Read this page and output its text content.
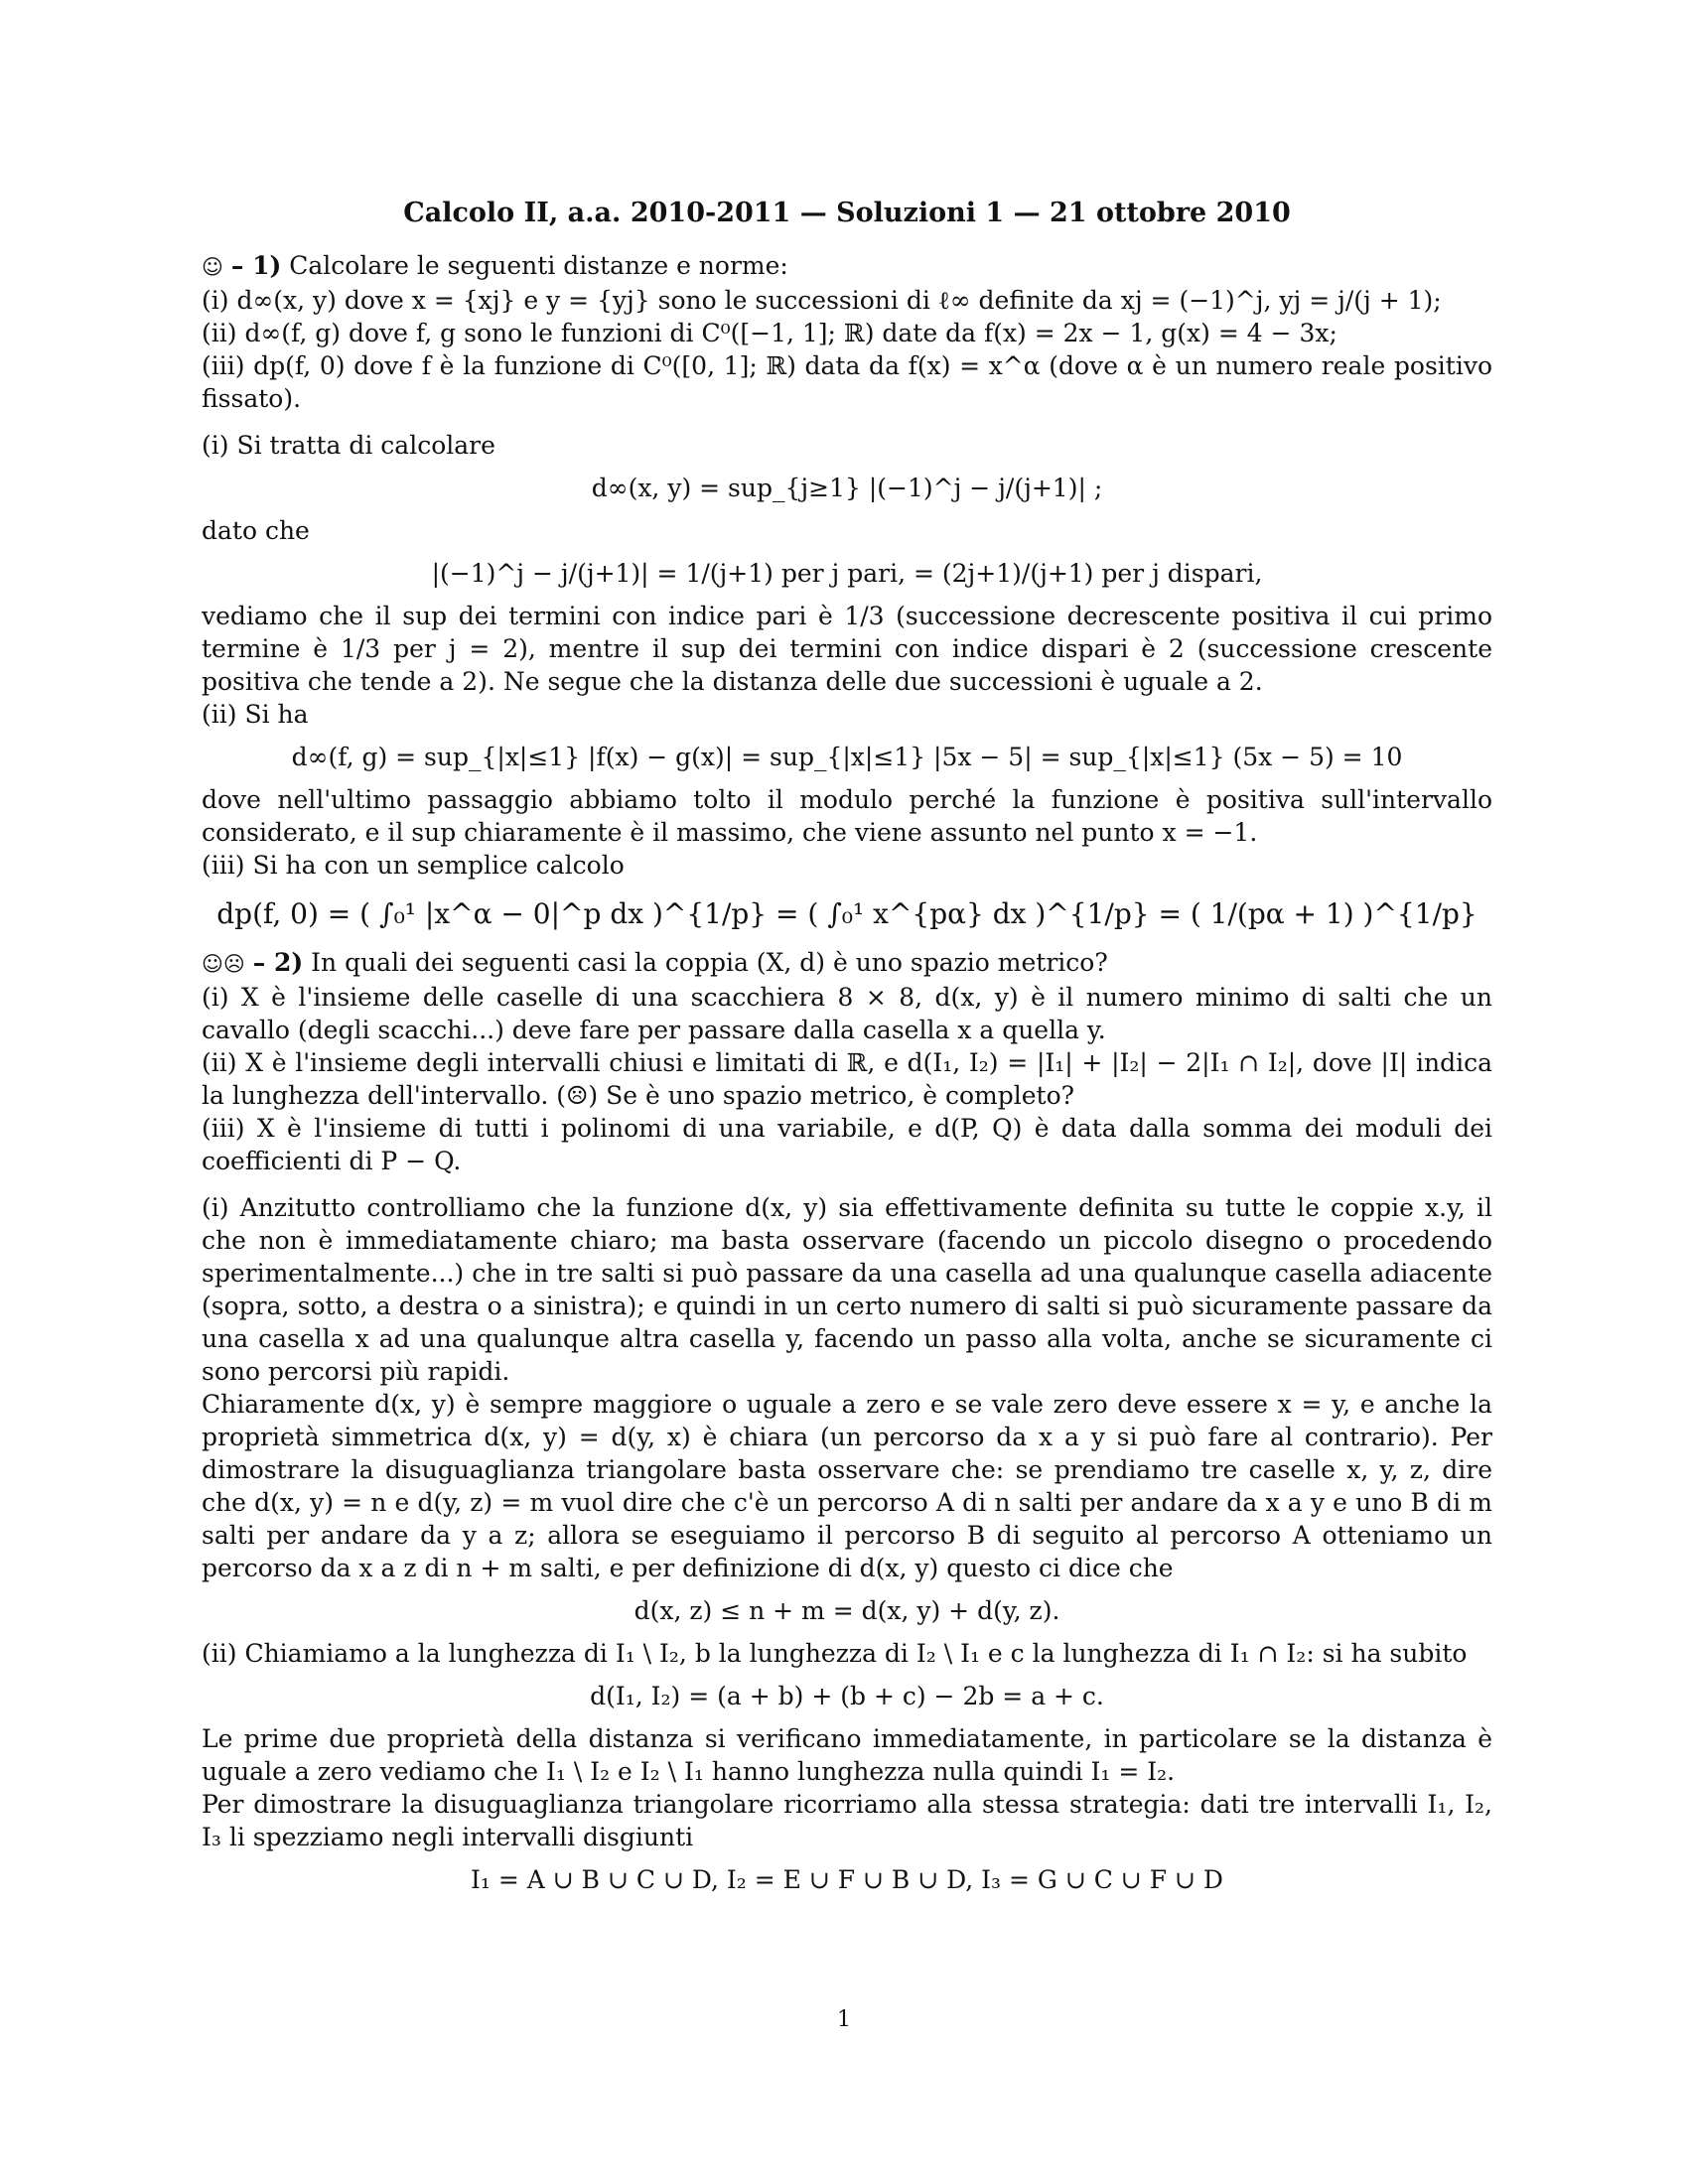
Calcolo II, a.a. 2010-2011 — Soluzioni 1 — 21 ottobre 2010

☺ – 1) Calcolare le seguenti distanze e norme:

(i) d∞(x, y) dove x = {xj} e y = {yj} sono le successioni di ℓ∞ definite da xj = (−1)^j, yj = j/(j + 1);

(ii) d∞(f, g) dove f, g sono le funzioni di C⁰([−1, 1]; ℝ) date da f(x) = 2x − 1, g(x) = 4 − 3x;

(iii) dp(f, 0) dove f è la funzione di C⁰([0, 1]; ℝ) data da f(x) = x^α (dove α è un numero reale positivo fissato).

(i) Si tratta di calcolare

d∞(x, y) = sup_{j≥1} |(−1)^j − j/(j+1)| ;

dato che

|(−1)^j − j/(j+1)| = 1/(j+1) per j pari, = (2j+1)/(j+1) per j dispari,

vediamo che il sup dei termini con indice pari è 1/3 (successione decrescente positiva il cui primo termine è 1/3 per j = 2), mentre il sup dei termini con indice dispari è 2 (successione crescente positiva che tende a 2). Ne segue che la distanza delle due successioni è uguale a 2.

(ii) Si ha

d∞(f, g) = sup_{|x|≤1} |f(x) − g(x)| = sup_{|x|≤1} |5x − 5| = sup_{|x|≤1} (5x − 5) = 10

dove nell'ultimo passaggio abbiamo tolto il modulo perché la funzione è positiva sull'intervallo considerato, e il sup chiaramente è il massimo, che viene assunto nel punto x = −1.

(iii) Si ha con un semplice calcolo

dp(f, 0) = ( ∫₀¹ |x^α − 0|^p dx )^{1/p} = ( ∫₀¹ x^{pα} dx )^{1/p} = ( 1/(pα + 1) )^{1/p}

☺☹ – 2) In quali dei seguenti casi la coppia (X, d) è uno spazio metrico?

(i) X è l'insieme delle caselle di una scacchiera 8 × 8, d(x, y) è il numero minimo di salti che un cavallo (degli scacchi...) deve fare per passare dalla casella x a quella y.

(ii) X è l'insieme degli intervalli chiusi e limitati di ℝ, e d(I₁, I₂) = |I₁| + |I₂| − 2|I₁ ∩ I₂|, dove |I| indica la lunghezza dell'intervallo. (☹) Se è uno spazio metrico, è completo?

(iii) X è l'insieme di tutti i polinomi di una variabile, e d(P, Q) è data dalla somma dei moduli dei coefficienti di P − Q.

(i) Anzitutto controlliamo che la funzione d(x, y) sia effettivamente definita su tutte le coppie x.y, il che non è immediatamente chiaro; ma basta osservare (facendo un piccolo disegno o procedendo sperimentalmente...) che in tre salti si può passare da una casella ad una qualunque casella adiacente (sopra, sotto, a destra o a sinistra); e quindi in un certo numero di salti si può sicuramente passare da una casella x ad una qualunque altra casella y, facendo un passo alla volta, anche se sicuramente ci sono percorsi più rapidi.

Chiaramente d(x, y) è sempre maggiore o uguale a zero e se vale zero deve essere x = y, e anche la proprietà simmetrica d(x, y) = d(y, x) è chiara (un percorso da x a y si può fare al contrario). Per dimostrare la disuguaglianza triangolare basta osservare che: se prendiamo tre caselle x, y, z, dire che d(x, y) = n e d(y, z) = m vuol dire che c'è un percorso A di n salti per andare da x a y e uno B di m salti per andare da y a z; allora se eseguiamo il percorso B di seguito al percorso A otteniamo un percorso da x a z di n + m salti, e per definizione di d(x, y) questo ci dice che

d(x, z) ≤ n + m = d(x, y) + d(y, z).

(ii) Chiamiamo a la lunghezza di I₁ \ I₂, b la lunghezza di I₂ \ I₁ e c la lunghezza di I₁ ∩ I₂: si ha subito

d(I₁, I₂) = (a + b) + (b + c) − 2b = a + c.

Le prime due proprietà della distanza si verificano immediatamente, in particolare se la distanza è uguale a zero vediamo che I₁ \ I₂ e I₂ \ I₁ hanno lunghezza nulla quindi I₁ = I₂.

Per dimostrare la disuguaglianza triangolare ricorriamo alla stessa strategia: dati tre intervalli I₁, I₂, I₃ li spezziamo negli intervalli disgiunti

I₁ = A ∪ B ∪ C ∪ D, I₂ = E ∪ F ∪ B ∪ D, I₃ = G ∪ C ∪ F ∪ D
1
